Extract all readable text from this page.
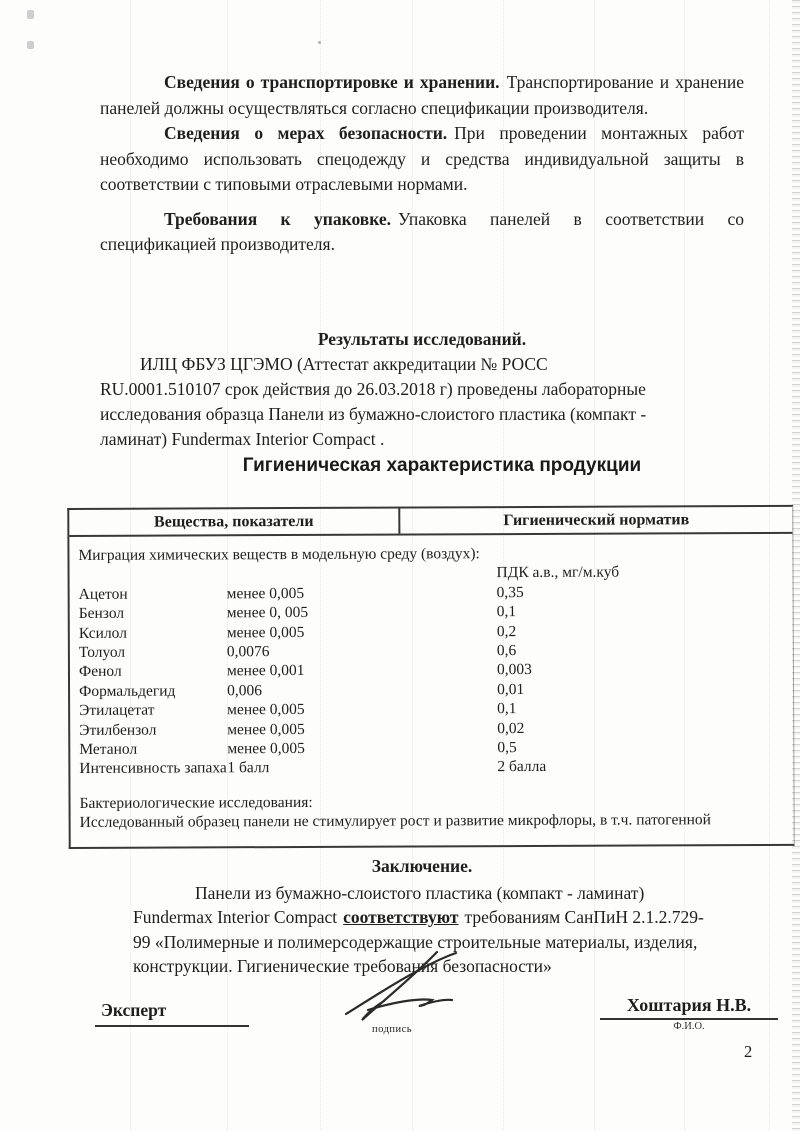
Сведения о транспортировке и хранении. Транспортирование и хранение панелей должны осуществляться согласно спецификации производителя.

Сведения о мерах безопасности. При проведении монтажных работ необходимо использовать спецодежду и средства индивидуальной защиты в соответствии с типовыми отраслевыми нормами.

Требования к упаковке. Упаковка панелей в соответствии со спецификацией производителя.

Результаты исследований.
ИЛЦ ФБУЗ ЦГЭМО (Аттестат аккредитации № РОСС
RU.0001.510107 срок действия до 26.03.2018 г) проведены лабораторные
исследования образца Панели из бумажно-слоистого пластика (компакт -
ламинат) Fundermax Interior Compact .
Гигиеническая характеристика продукции
Вещества, показатели	Гигиенический норматив
Миграция химических веществ в модельную среду (воздух):
ПДК а.в., мг/м.куб
Ацетон	менее 0,005	0,35
Бензол	менее 0, 005	0,1
Ксилол	менее 0,005	0,2
Толуол	0,0076	0,6
Фенол	менее 0,001	0,003
Формальдегид	0,006	0,01
Этилацетат	менее 0,005	0,1
Этилбензол	менее 0,005	0,02
Метанол	менее 0,005	0,5
Интенсивность запаха 1 балл	2 балла
Бактериологические исследования:
Исследованный образец панели не стимулирует рост и развитие микрофлоры, в т.ч. патогенной
Заключение.
Панели из бумажно-слоистого пластика (компакт - ламинат)
Fundermax Interior Compact соответствуют требованиям СанПиН 2.1.2.729-
99 «Полимерные и полимерсодержащие строительные материалы, изделия,
конструкции. Гигиенические требования безопасности»
Эксперт
подпись
Хоштария Н.В.
Ф.И.О.
2
